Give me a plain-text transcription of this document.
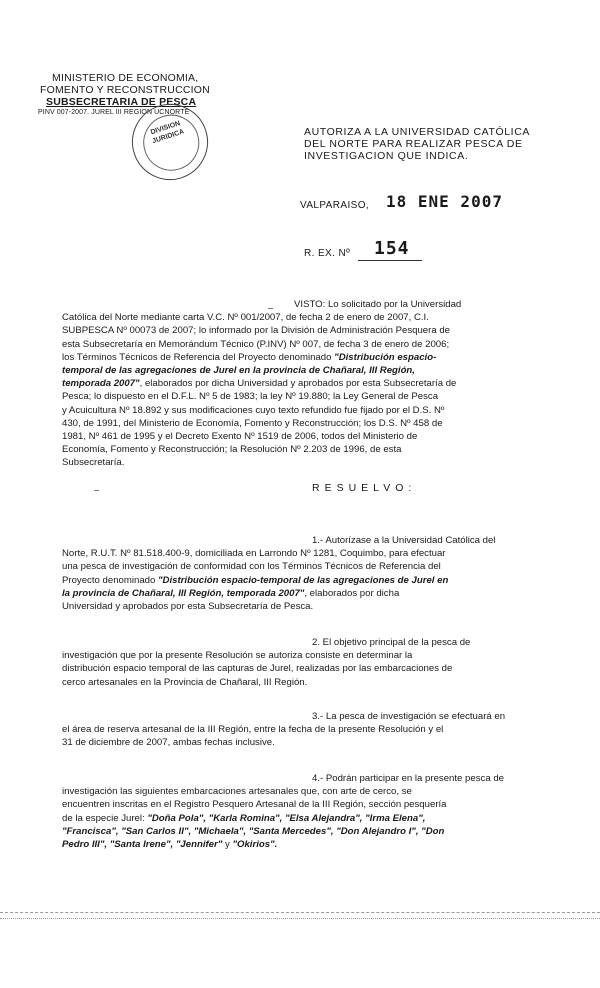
MINISTERIO DE ECONOMIA,
FOMENTO Y RECONSTRUCCION
SUBSECRETARIA DE PESCA
PINV 007-2007. JUREL III REGION UCNORTE
DIVISION JURIDICA	AUTORIZA A LA UNIVERSIDAD CATÓLICA
DEL NORTE PARA REALIZAR PESCA DE
INVESTIGACION QUE INDICA.
VALPARAISO, 18 ENE 2007
R. EX. Nº 154
VISTO: Lo solicitado por la Universidad
Católica del Norte mediante carta V.C. Nº 001/2007, de fecha 2 de enero de 2007, C.I.
SUBPESCA Nº 00073 de 2007; lo informado por la División de Administración Pesquera de
esta Subsecretaría en Memorándum Técnico (P.INV) Nº 007, de fecha 3 de enero de 2006;
los Términos Técnicos de Referencia del Proyecto denominado "Distribución espacio-
temporal de las agregaciones de Jurel en la provincia de Chañaral, III Región,
temporada 2007", elaborados por dicha Universidad y aprobados por esta Subsecretaría de
Pesca; lo dispuesto en el D.F.L. Nº 5 de 1983; la ley Nº 19.880; la Ley General de Pesca
y Acuicultura Nº 18.892 y sus modificaciones cuyo texto refundido fue fijado por el D.S. Nº
430, de 1991, del Ministerio de Economía, Fomento y Reconstrucción; los D.S. Nº 458 de
1981, Nº 461 de 1995 y el Decreto Exento Nº 1519 de 2006, todos del Ministerio de
Economía, Fomento y Reconstrucción; la Resolución Nº 2.203 de 1996, de esta
Subsecretaría.
RESUELVO:
1.- Autorízase a la Universidad Católica del
Norte, R.U.T. Nº 81.518.400-9, domiciliada en Larrondo Nº 1281, Coquimbo, para efectuar
una pesca de investigación de conformidad con los Términos Técnicos de Referencia del
Proyecto denominado "Distribución espacio-temporal de las agregaciones de Jurel en
la provincia de Chañaral, III Región, temporada 2007", elaborados por dicha
Universidad y aprobados por esta Subsecretaría de Pesca.
2. El objetivo principal de la pesca de
investigación que por la presente Resolución se autoriza consiste en determinar la
distribución espacio temporal de las capturas de Jurel, realizadas por las embarcaciones de
cerco artesanales en la Provincia de Chañaral, III Región.
3.- La pesca de investigación se efectuará en
el área de reserva artesanal de la III Región, entre la fecha de la presente Resolución y el
31 de diciembre de 2007, ambas fechas inclusive.
4.- Podrán participar en la presente pesca de
investigación las siguientes embarcaciones artesanales que, con arte de cerco, se
encuentren inscritas en el Registro Pesquero Artesanal de la III Región, sección pesquería
de la especie Jurel: "Doña Pola", "Karla Romina", "Elsa Alejandra", "Irma Elena",
"Francisca", "San Carlos II", "Michaela", "Santa Mercedes", "Don Alejandro I", "Don
Pedro III", "Santa Irene", "Jennifer" y "Okirios".
